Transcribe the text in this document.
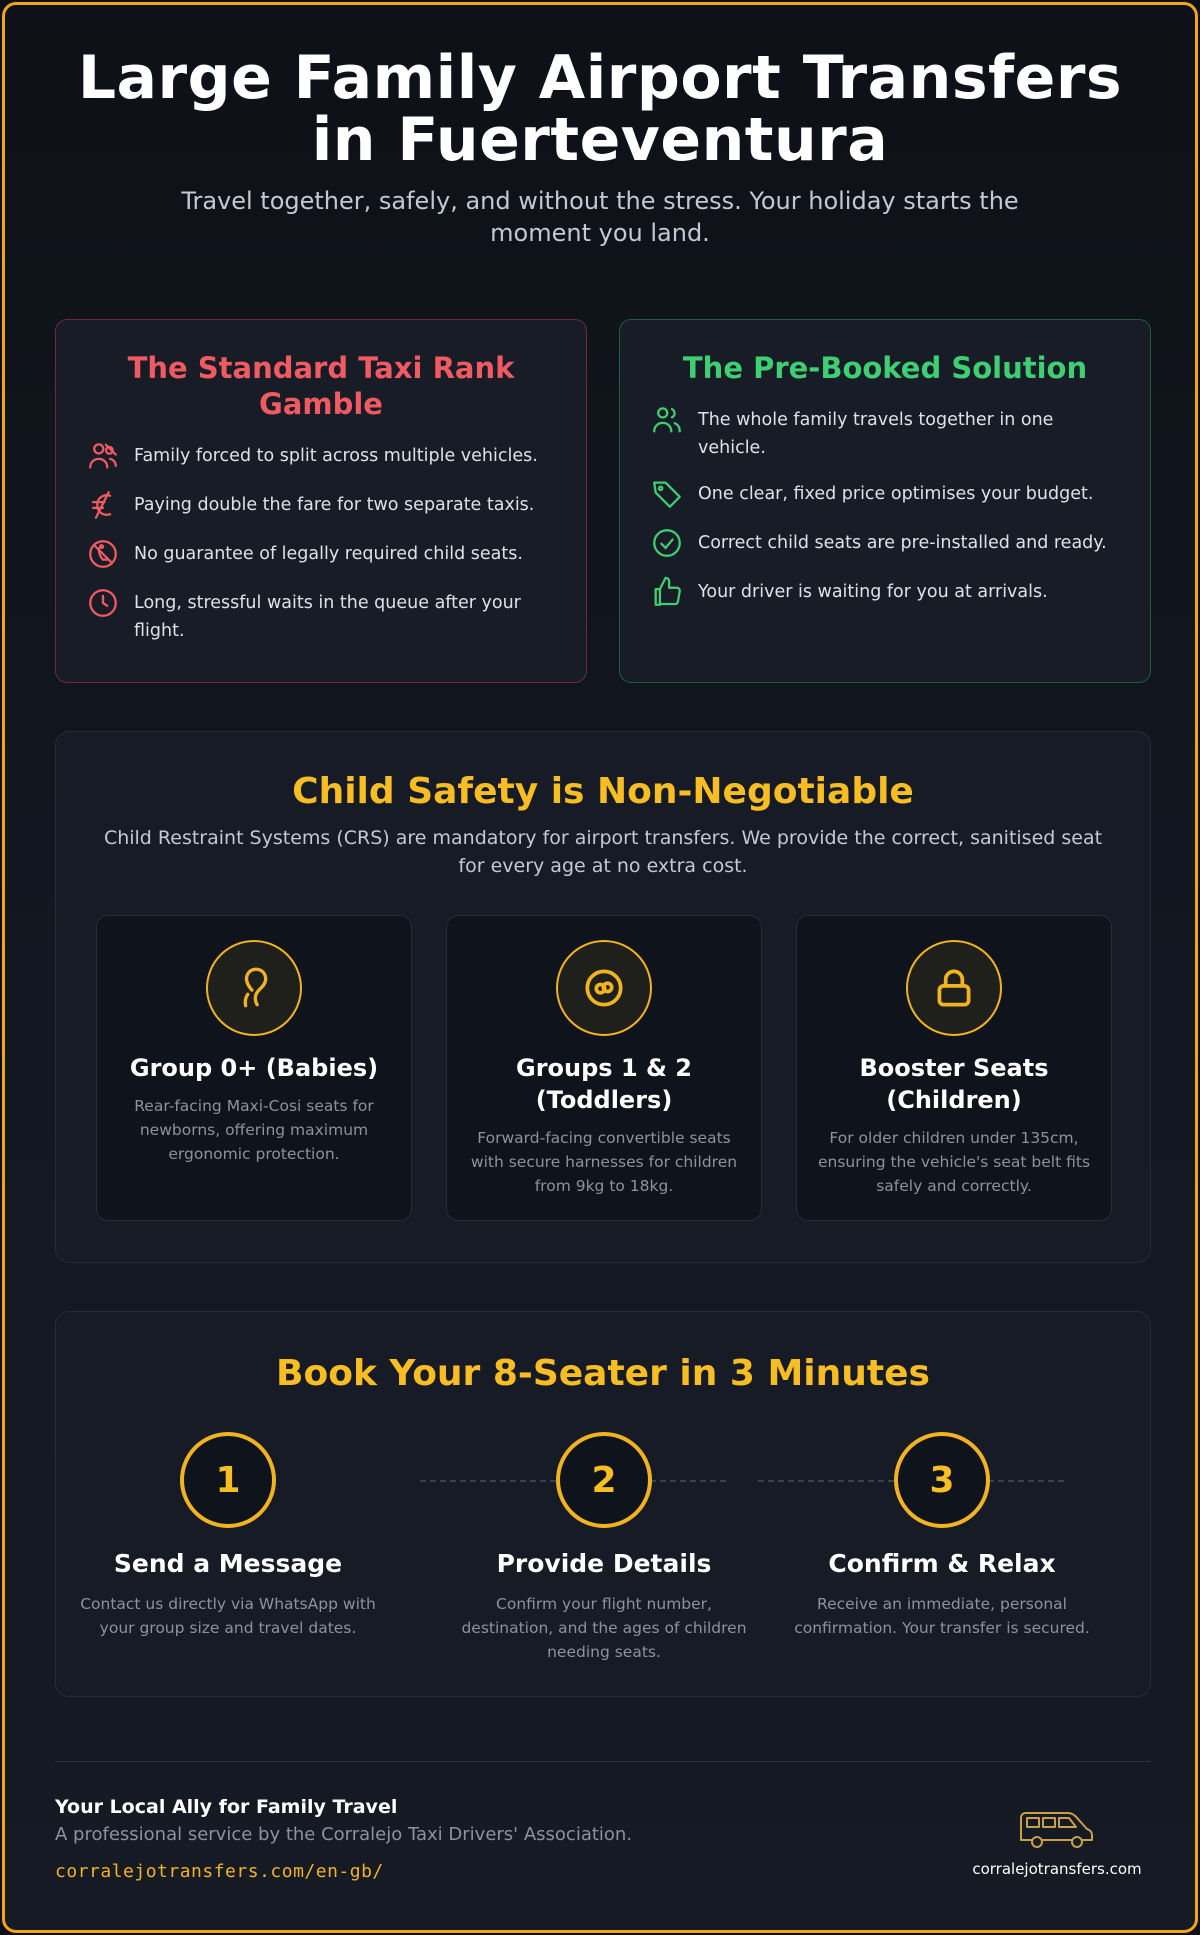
Large Family Airport Transfers in Fuerteventura

Travel together, safely, and without the stress. Your holiday starts the moment you land.

The Standard Taxi Rank Gamble
Family forced to split across multiple vehicles.
Paying double the fare for two separate taxis.
No guarantee of legally required child seats.
Long, stressful waits in the queue after your flight.
The Pre-Booked Solution
The whole family travels together in one vehicle.
One clear, fixed price optimises your budget.
Correct child seats are pre-installed and ready.
Your driver is waiting for you at arrivals.
Child Safety is Non-Negotiable

Child Restraint Systems (CRS) are mandatory for airport transfers. We provide the correct, sanitised seat for every age at no extra cost.

Group 0+ (Babies)

Rear-facing Maxi-Cosi seats for newborns, offering maximum ergonomic protection.

Groups 1 & 2 (Toddlers)

Forward-facing convertible seats with secure harnesses for children from 9kg to 18kg.

Booster Seats (Children)

For older children under 135cm, ensuring the vehicle's seat belt fits safely and correctly.

Book Your 8-Seater in 3 Minutes
1
Send a Message

Contact us directly via WhatsApp with your group size and travel dates.

2
Provide Details

Confirm your flight number, destination, and the ages of children needing seats.

3
Confirm & Relax

Receive an immediate, personal confirmation. Your transfer is secured.

Your Local Ally for Family Travel
A professional service by the Corralejo Taxi Drivers' Association.
corralejotransfers.com/en-gb/	corralejotransfers.com
